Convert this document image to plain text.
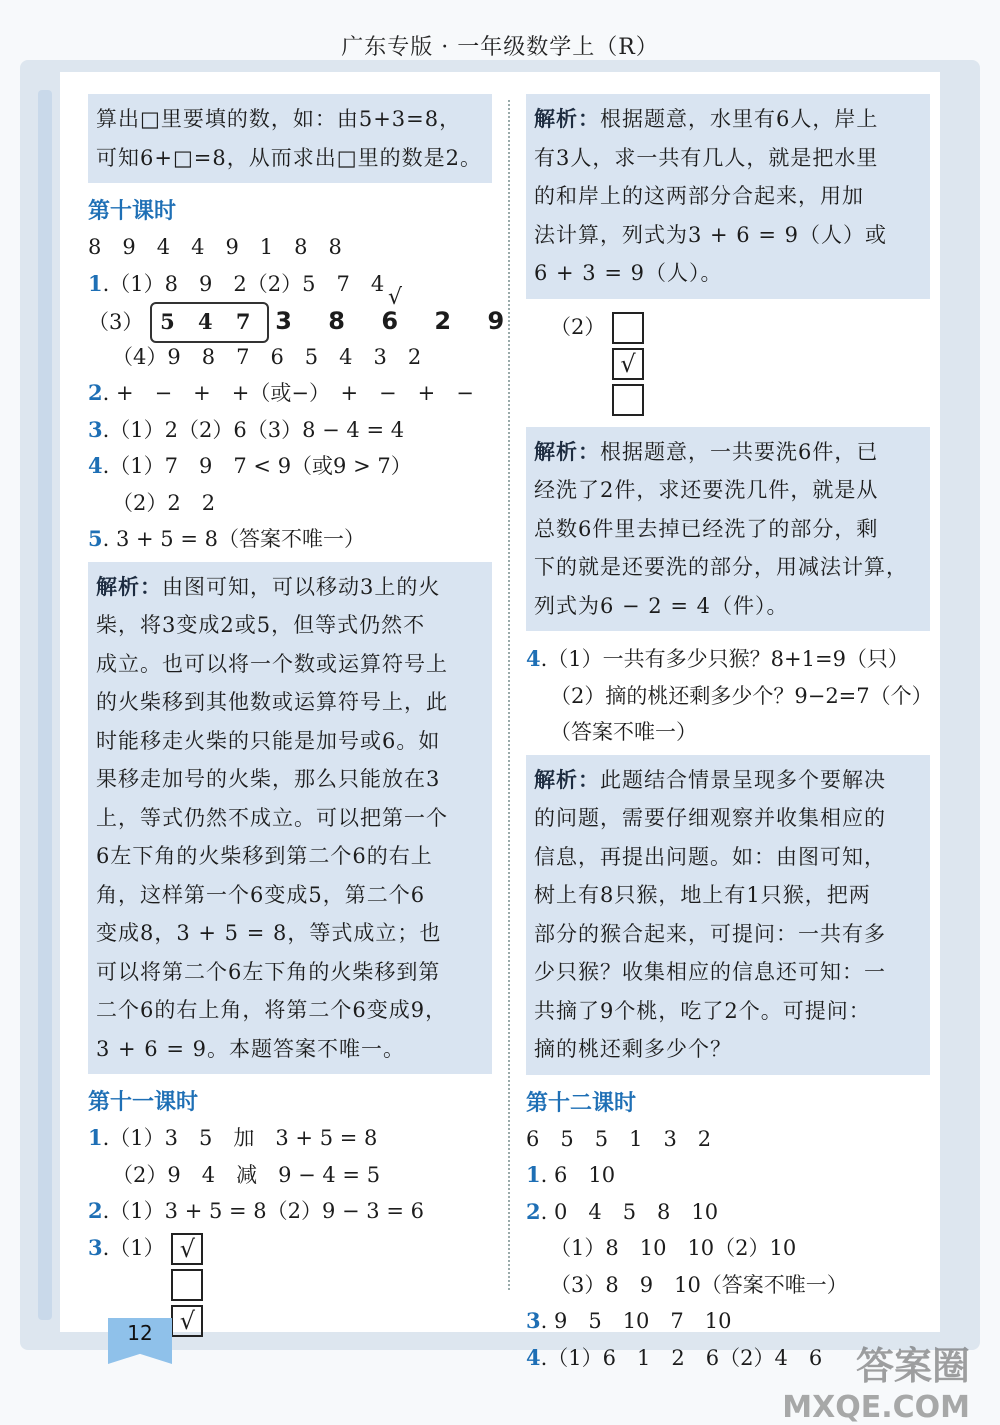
广东专版 · 一年级数学上（R）
算出□里要填的数，如：由5+3=8，
可知6+□=8，从而求出□里的数是2。
第十课时
8　9　4　4　9　1　8　8
1.（1）8　9　2（2）5　7　4
（3） 5 4 7 3 8 6 2 9
√
（4）9　8　7　6　5　4　3　2
2. +　−　+　+（或−）　+　−　+　−
3.（1）2（2）6（3）8 − 4 = 4
4.（1）7　9　7 < 9（或9 > 7）
（2）2　2
5. 3 + 5 = 8（答案不唯一）
解析：由图可知，可以移动3上的火
柴，将3变成2或5，但等式仍然不
成立。也可以将一个数或运算符号上
的火柴移到其他数或运算符号上，此
时能移走火柴的只能是加号或6。如
果移走加号的火柴，那么只能放在3
上，等式仍然不成立。可以把第一个
6左下角的火柴移到第二个6的右上
角，这样第一个6变成5，第二个6
变成8，3 + 5 = 8，等式成立；也
可以将第二个6左下角的火柴移到第
二个6的右上角，将第二个6变成9，
3 + 6 = 9。本题答案不唯一。
第十一课时
1.（1）3　5　加　3 + 5 = 8
（2）9　4　减　9 − 4 = 5
2.（1）3 + 5 = 8（2）9 − 3 = 6
3.（1） √
√
解析：根据题意，水里有6人，岸上
有3人，求一共有几人，就是把水里
的和岸上的这两部分合起来，用加
法计算，列式为3 + 6 = 9（人）或
6 + 3 = 9（人）。
（2）
√
解析：根据题意，一共要洗6件，已
经洗了2件，求还要洗几件，就是从
总数6件里去掉已经洗了的部分，剩
下的就是还要洗的部分，用减法计算，
列式为6 − 2 = 4（件）。
4.（1）一共有多少只猴？8+1=9（只）
（2）摘的桃还剩多少个？9−2=7（个）
（答案不唯一）
解析：此题结合情景呈现多个要解决
的问题，需要仔细观察并收集相应的
信息，再提出问题。如：由图可知，
树上有8只猴，地上有1只猴，把两
部分的猴合起来，可提问：一共有多
少只猴？收集相应的信息还可知：一
共摘了9个桃，吃了2个。可提问：
摘的桃还剩多少个？
第十二课时
6　5　5　1　3　2
1. 6　10
2. 0　4　5　8　10
（1）8　10　10（2）10
（3）8　9　10（答案不唯一）
3. 9　5　10　7　10
4.（1）6　1　2　6（2）4　6
12
答案圈
MXQE.COM
